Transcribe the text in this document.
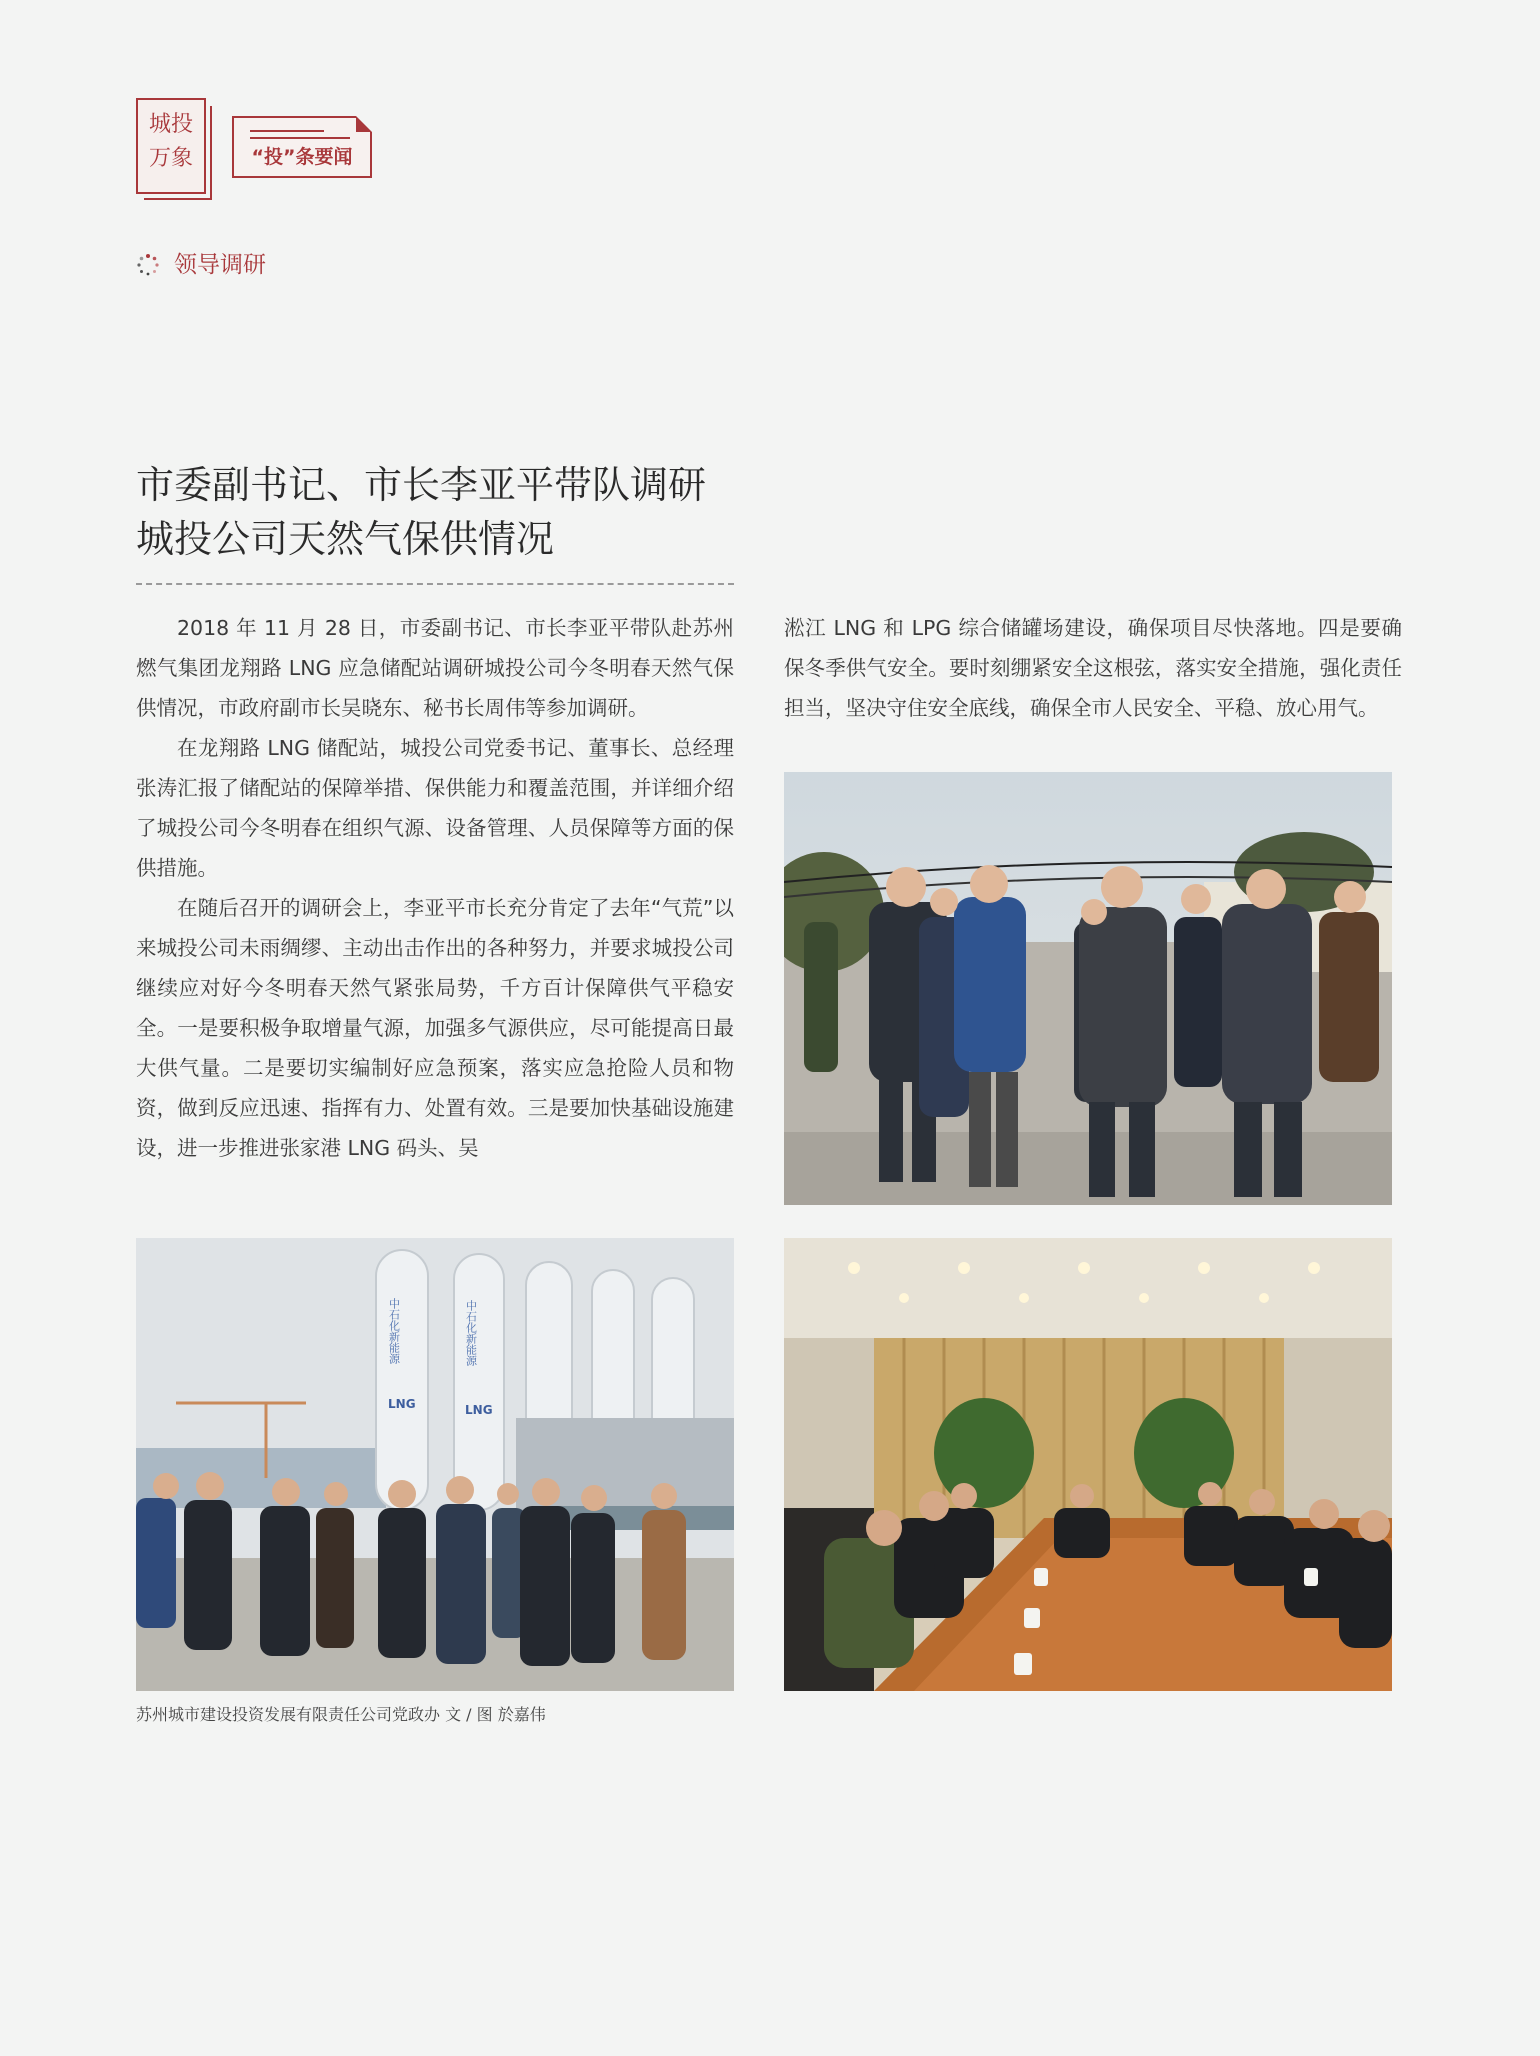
城投
万象	“投”条要闻
领导调研
市委副书记、市长李亚平带队调研
城投公司天然气保供情况

2018 年 11 月 28 日，市委副书记、市长李亚平带队赴苏州燃气集团龙翔路 LNG 应急储配站调研城投公司今冬明春天然气保供情况，市政府副市长吴晓东、秘书长周伟等参加调研。

在龙翔路 LNG 储配站，城投公司党委书记、董事长、总经理张涛汇报了储配站的保障举措、保供能力和覆盖范围，并详细介绍了城投公司今冬明春在组织气源、设备管理、人员保障等方面的保供措施。

在随后召开的调研会上，李亚平市长充分肯定了去年“气荒”以来城投公司未雨绸缪、主动出击作出的各种努力，并要求城投公司继续应对好今冬明春天然气紧张局势，千方百计保障供气平稳安全。一是要积极争取增量气源，加强多气源供应，尽可能提高日最大供气量。二是要切实编制好应急预案，落实应急抢险人员和物资，做到反应迅速、指挥有力、处置有效。三是要加快基础设施建设，进一步推进张家港 LNG 码头、吴

淞江 LNG 和 LPG 综合储罐场建设，确保项目尽快落地。四是要确保冬季供气安全。要时刻绷紧安全这根弦，落实安全措施，强化责任担当，坚决守住安全底线，确保全市人民安全、平稳、放心用气。

中石化新能源	中石化新能源
LNG	LNG
苏州城市建设投资发展有限责任公司党政办 文 / 图 於嘉伟
